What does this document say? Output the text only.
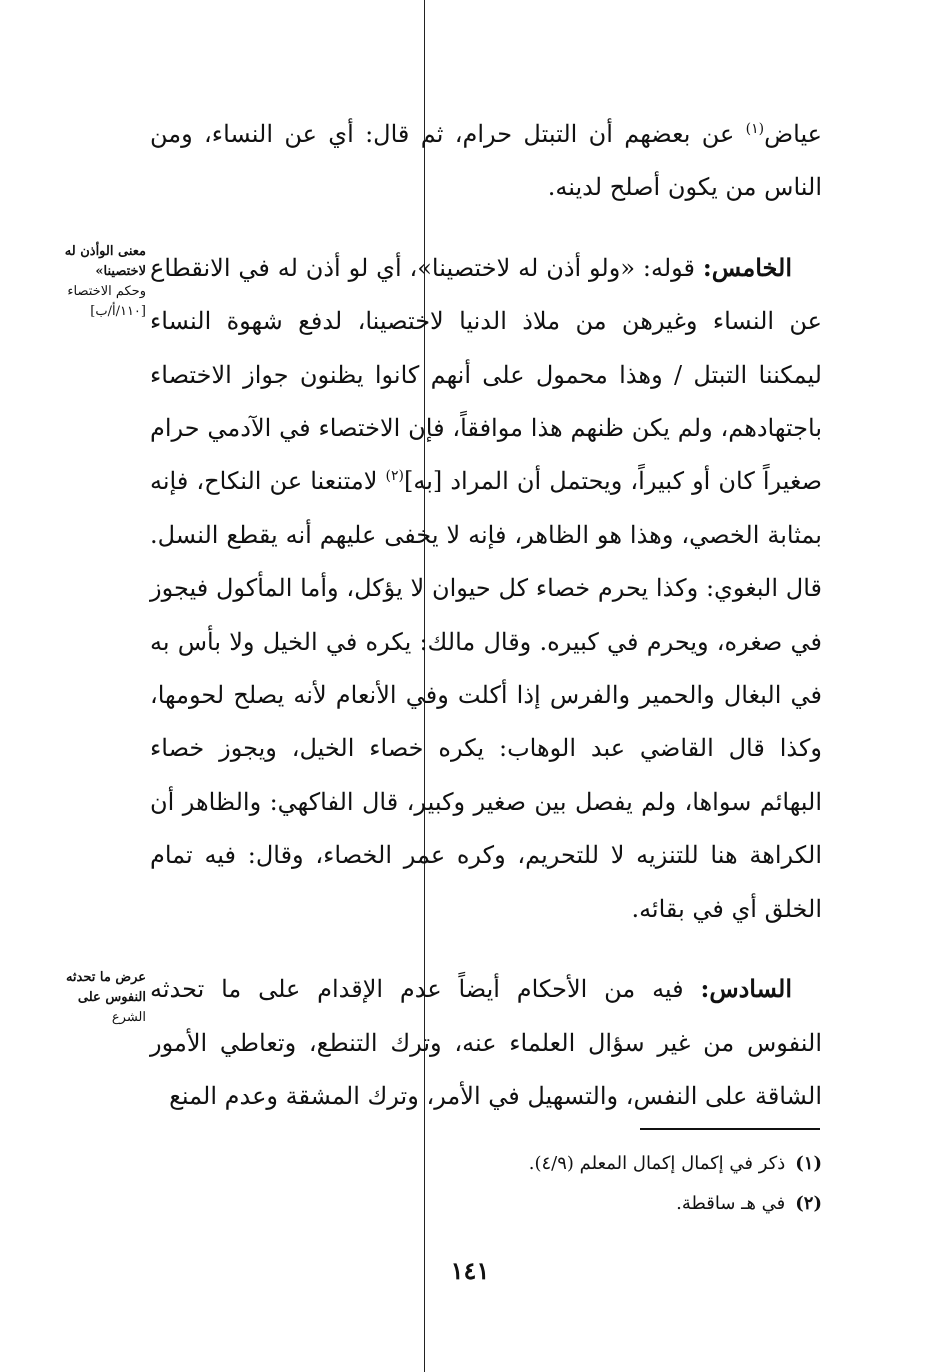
عياض$^{(١)}$ عن بعضهم أن التبتل حرام، ثم قال: أي عن النساء، ومن الناس من يكون أصلح لدينه.

الخامس: قوله: «ولو أذن له لاختصينا»، أي لو أذن له في الانقطاع عن النساء وغيرهن من ملاذ الدنيا لاختصينا، لدفع شهوة النساء ليمكننا التبتل / وهذا محمول على أنهم كانوا يظنون جواز الاختصاء باجتهادهم، ولم يكن ظنهم هذا موافقاً، فإن الاختصاء في الآدمي حرام صغيراً كان أو كبيراً، ويحتمل أن المراد [به]$^{(٢)}$ لامتنعنا عن النكاح، فإنه بمثابة الخصي، وهذا هو الظاهر، فإنه لا يخفى عليهم أنه يقطع النسل. قال البغوي: وكذا يحرم خصاء كل حيوان لا يؤكل، وأما المأكول فيجوز في صغره، ويحرم في كبيره. وقال مالك: يكره في الخيل ولا بأس به في البغال والحمير والفرس إذا أكلت وفي الأنعام لأنه يصلح لحومها، وكذا قال القاضي عبد الوهاب: يكره خصاء الخيل، ويجوز خصاء البهائم سواها، ولم يفصل بين صغير وكبير، قال الفاكهي: والظاهر أن الكراهة هنا للتنزيه لا للتحريم، وكره عمر الخصاء، وقال: فيه تمام الخلق أي في بقائه.

السادس: فيه من الأحكام أيضاً عدم الإقدام على ما تحدثه النفوس من غير سؤال العلماء عنه، وترك التنطع، وتعاطي الأمور الشاقة على النفس، والتسهيل في الأمر، وترك المشقة وعدم المنع

معنى الوأذن له لاختصينا»
وحكم الاختصاء
[١١٠/أ/ب]
عرض ما تحدثه النفوس على
الشرع

(١)ذكر في إكمال إكمال المعلم (٤/٩).

(٢)في هـ ساقطة.

١٤١
